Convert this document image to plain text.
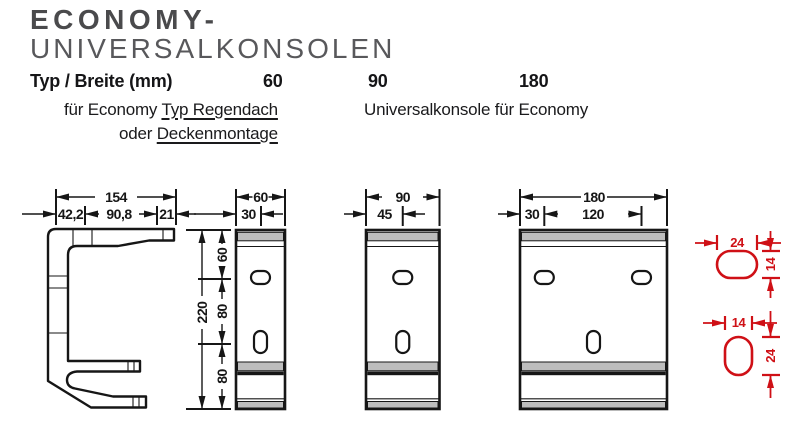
ECONOMY-
UNIVERSALKONSOLEN
Typ / Breite (mm)	60	90	180
für Economy Typ Regendach
oder Deckenmontage
Universalkonsole für Economy
154
42,2 90,8 21
220
60
80
80
60
30
90
45
180
30	120
24
14
14
24
